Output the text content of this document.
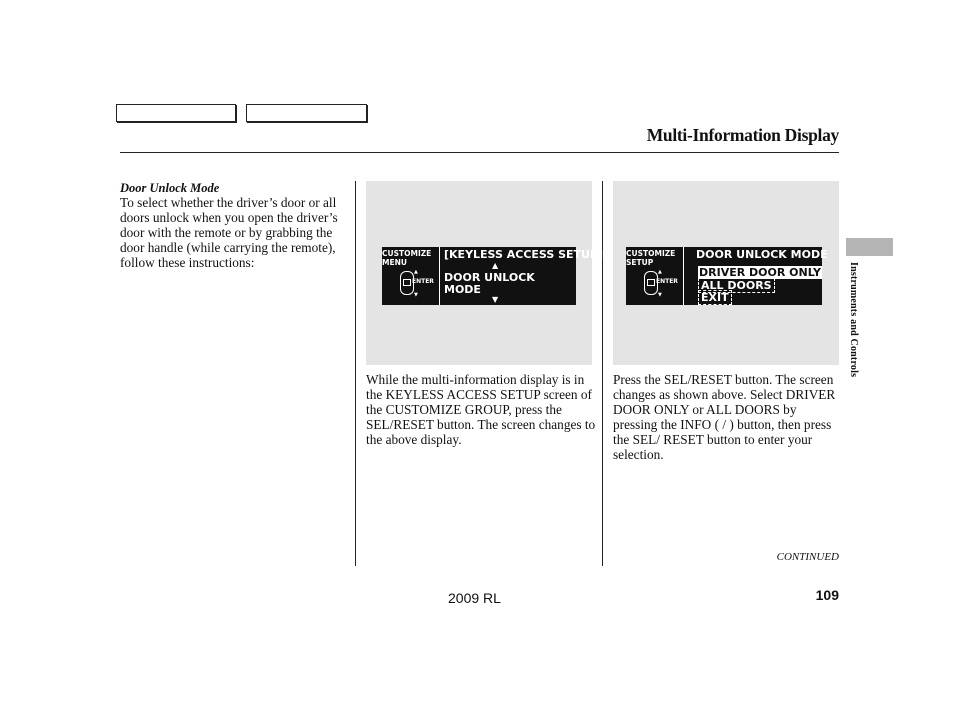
Multi-Information Display
Instruments and Controls
Door Unlock Mode
To select whether the driver’s door or all doors unlock when you open the driver’s door with the remote or by grabbing the door handle (while carrying the remote), follow these instructions:
CUSTOMIZE
MENU
▲
▼
ENTER
[KEYLESS ACCESS SETUP]
▲
DOOR UNLOCK
MODE
▼
While the multi-information display is in the KEYLESS ACCESS SETUP screen of the CUSTOMIZE GROUP, press the SEL/RESET button. The screen changes to the above display.
CUSTOMIZE
SETUP
▲
▼
ENTER
DOOR UNLOCK MODE
DRIVER DOOR ONLY
ALL DOORS
EXIT
Press the SEL/RESET button. The screen changes as shown above. Select DRIVER DOOR ONLY or ALL DOORS by pressing the INFO ( / ) button, then press the SEL/ RESET button to enter your selection.
CONTINUED
2009 RL	109
